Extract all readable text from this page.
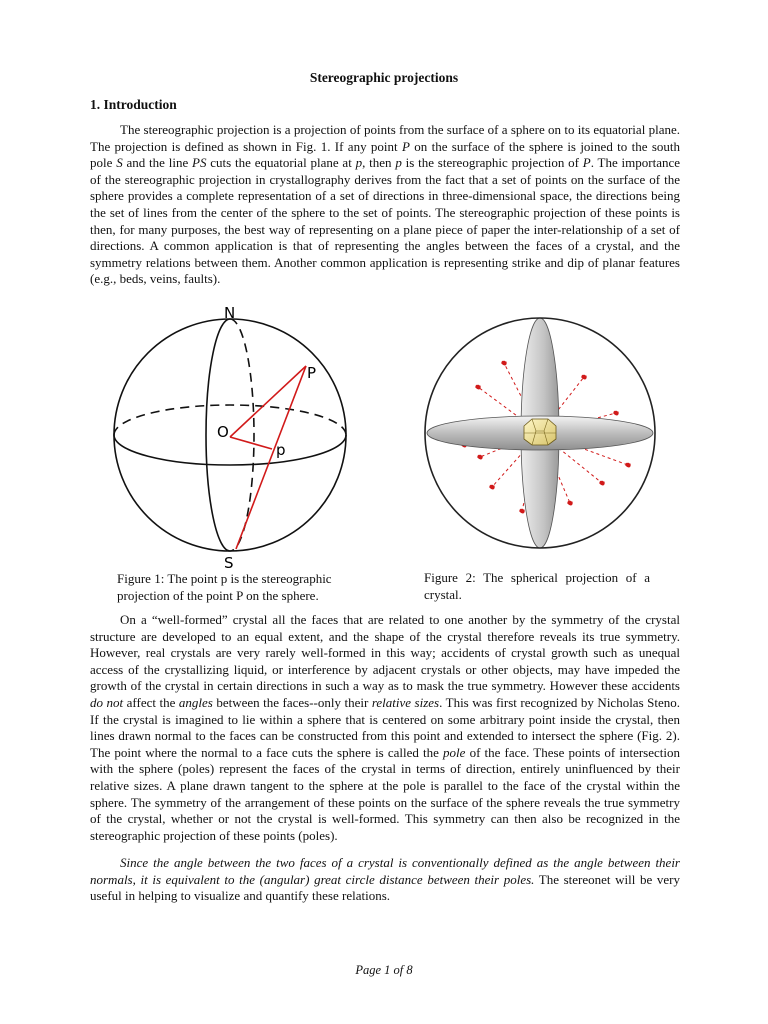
Stereographic projections
1. Introduction

The stereographic projection is a projection of points from the surface of a sphere on to its equatorial plane. The projection is defined as shown in Fig. 1. If any point P on the surface of the sphere is joined to the south pole S and the line PS cuts the equatorial plane at p, then p is the stereographic projection of P. The importance of the stereographic projection in crystallography derives from the fact that a set of points on the surface of the sphere provides a complete representation of a set of directions in three-dimensional space, the directions being the set of lines from the center of the sphere to the set of points. The stereographic projection of these points is then, for many purposes, the best way of representing on a plane piece of paper the inter-relationship of a set of directions. A common application is that of representing the angles between the faces of a crystal, and the symmetry relations between them. Another common application is representing strike and dip of planar features (e.g., beds, veins, faults).

N
P
O
p
S

Figure 1: The point p is the stereographic projection of the point P on the sphere.

Figure 2: The spherical projection of a crystal.

On a “well-formed” crystal all the faces that are related to one another by the symmetry of the crystal structure are developed to an equal extent, and the shape of the crystal therefore reveals its true symmetry. However, real crystals are very rarely well-formed in this way; accidents of crystal growth such as unequal access of the crystallizing liquid, or interference by adjacent crystals or other objects, may have impeded the growth of the crystal in certain directions in such a way as to mask the true symmetry. However these accidents do not affect the angles between the faces--only their relative sizes. This was first recognized by Nicholas Steno. If the crystal is imagined to lie within a sphere that is centered on some arbitrary point inside the crystal, then lines drawn normal to the faces can be constructed from this point and extended to intersect the sphere (Fig. 2). The point where the normal to a face cuts the sphere is called the pole of the face. These points of intersection with the sphere (poles) represent the faces of the crystal in terms of direction, entirely uninfluenced by their relative sizes. A plane drawn tangent to the sphere at the pole is parallel to the face of the crystal within the sphere. The symmetry of the arrangement of these points on the surface of the sphere reveals the true symmetry of the crystal, whether or not the crystal is well-formed. This symmetry can then also be recognized in the stereographic projection of these points (poles).

Since the angle between the two faces of a crystal is conventionally defined as the angle between their normals, it is equivalent to the (angular) great circle distance between their poles. The stereonet will be very useful in helping to visualize and quantify these relations.

Page 1 of 8
